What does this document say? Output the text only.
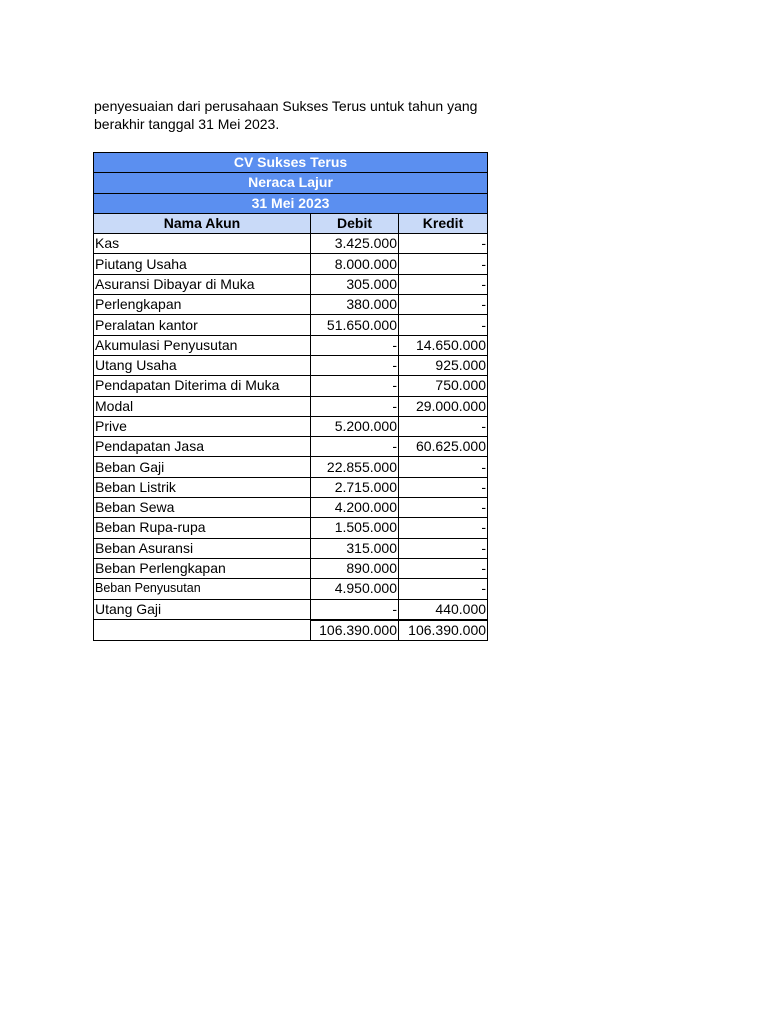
penyesuaian dari perusahaan Sukses Terus untuk tahun yang
berakhir tanggal 31 Mei 2023.

CV Sukses Terus		
Neraca Lajur		
31 Mei 2023		
Nama Akun	Debit	Kredit
Kas	3.425.000	-
Piutang Usaha	8.000.000	-
Asuransi Dibayar di Muka	305.000	-
Perlengkapan	380.000	-
Peralatan kantor	51.650.000	-
Akumulasi Penyusutan	-	14.650.000
Utang Usaha	-	925.000
Pendapatan Diterima di Muka	-	750.000
Modal	-	29.000.000
Prive	5.200.000	-
Pendapatan Jasa	-	60.625.000
Beban Gaji	22.855.000	-
Beban Listrik	2.715.000	-
Beban Sewa	4.200.000	-
Beban Rupa-rupa	1.505.000	-
Beban Asuransi	315.000	-
Beban Perlengkapan	890.000	-
Beban Penyusutan	4.950.000	-
Utang Gaji	-	440.000
	106.390.000	106.390.000
